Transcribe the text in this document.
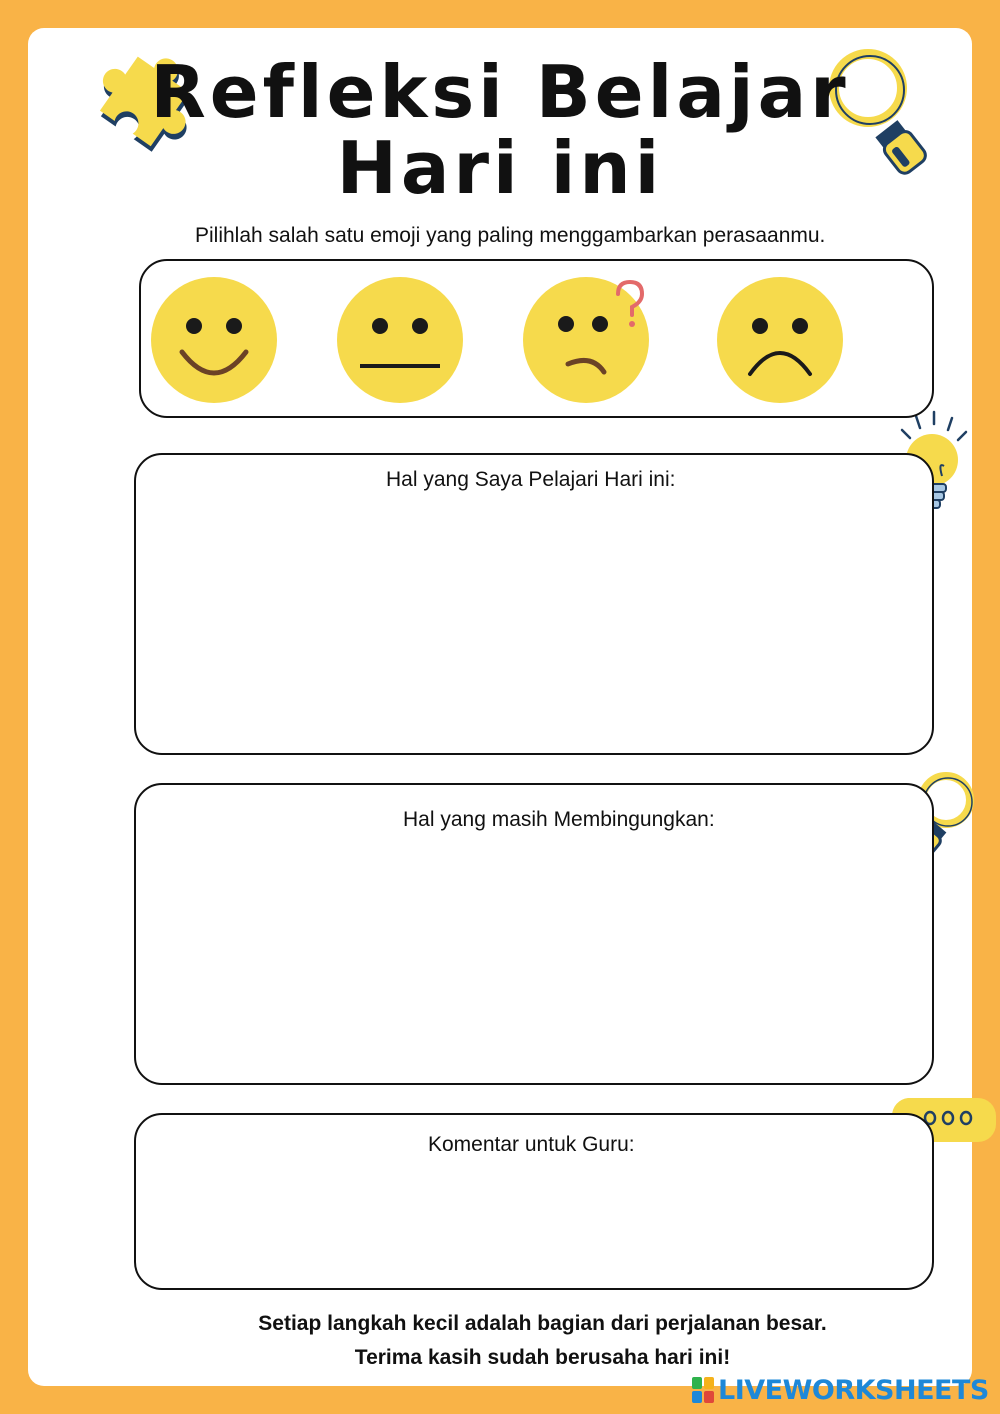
Refleksi Belajar
Hari ini
Pilihlah salah satu emoji yang paling menggambarkan perasaanmu.
Hal yang Saya Pelajari Hari ini:
Hal yang masih Membingungkan:
Komentar untuk Guru:
Setiap langkah kecil adalah bagian dari perjalanan besar.
Terima kasih sudah berusaha hari ini!
LIVEWORKSHEETS
